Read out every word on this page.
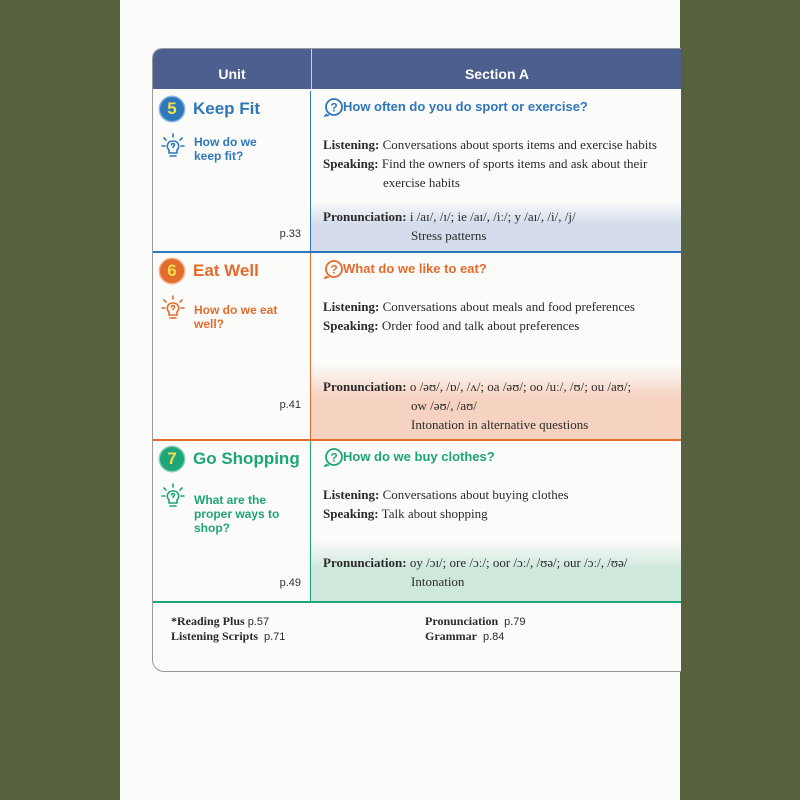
Unit	Section A
5 Keep Fit
How do we keep fit?
p.33
? How often do you do sport or exercise?
Listening: Conversations about sports items and exercise habits
Speaking: Find the owners of sports items and ask about their exercise habits
Pronunciation: i /aɪ/, /ɪ/; ie /aɪ/, /iː/; y /aɪ/, /i/, /j/
Stress patterns
6 Eat Well
How do we eat well?
p.41
? What do we like to eat?
Listening: Conversations about meals and food preferences
Speaking: Order food and talk about preferences
Pronunciation: o /əʊ/, /ɒ/, /ʌ/; oa /əʊ/; oo /uː/, /ʊ/; ou /aʊ/;
ow /əʊ/, /aʊ/
Intonation in alternative questions
7 Go Shopping
What are the proper ways to shop?
p.49
? How do we buy clothes?
Listening: Conversations about buying clothes
Speaking: Talk about shopping
Pronunciation: oy /ɔɪ/; ore /ɔː/; oor /ɔː/, /ʊə/; our /ɔː/, /ʊə/
Intonation
*Reading Plus p.57
Listening Scripts p.71
Pronunciation p.79
Grammar p.84
